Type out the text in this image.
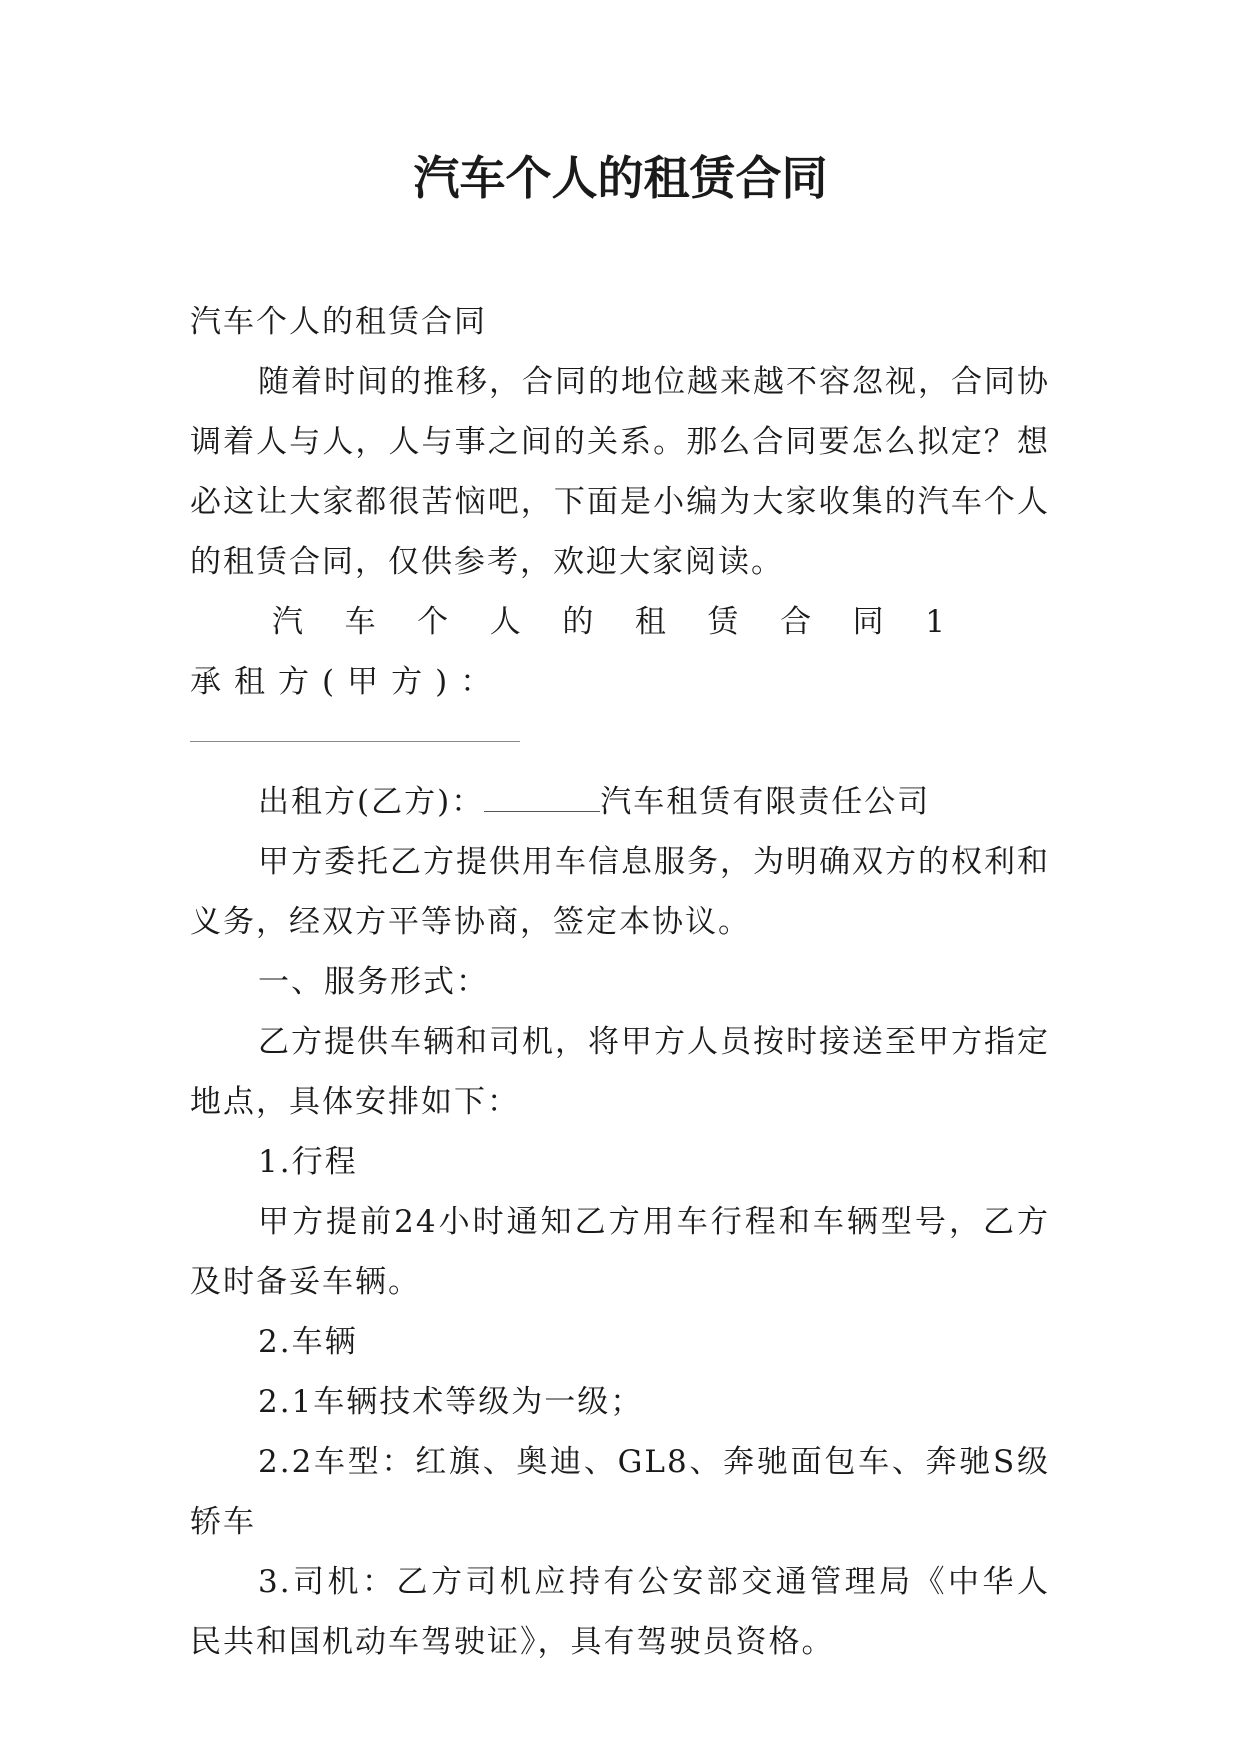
汽车个人的租赁合同

汽车个人的租赁合同

随着时间的推移，合同的地位越来越不容忽视，合同协调着人与人，人与事之间的关系。那么合同要怎么拟定？想必这让大家都很苦恼吧，下面是小编为大家收集的汽车个人的租赁合同，仅供参考，欢迎大家阅读。

汽车个人的租赁合同1承租方(甲方)：

出租方(乙方)：	汽车租赁有限责任公司

甲方委托乙方提供用车信息服务，为明确双方的权利和义务，经双方平等协商，签定本协议。

一、服务形式：

乙方提供车辆和司机，将甲方人员按时接送至甲方指定地点，具体安排如下：

1.行程

甲方提前24小时通知乙方用车行程和车辆型号，乙方及时备妥车辆。

2.车辆

2.1车辆技术等级为一级；

2.2车型：红旗、奥迪、GL8、奔驰面包车、奔驰S级轿车

3.司机：乙方司机应持有公安部交通管理局《中华人民共和国机动车驾驶证》，具有驾驶员资格。
